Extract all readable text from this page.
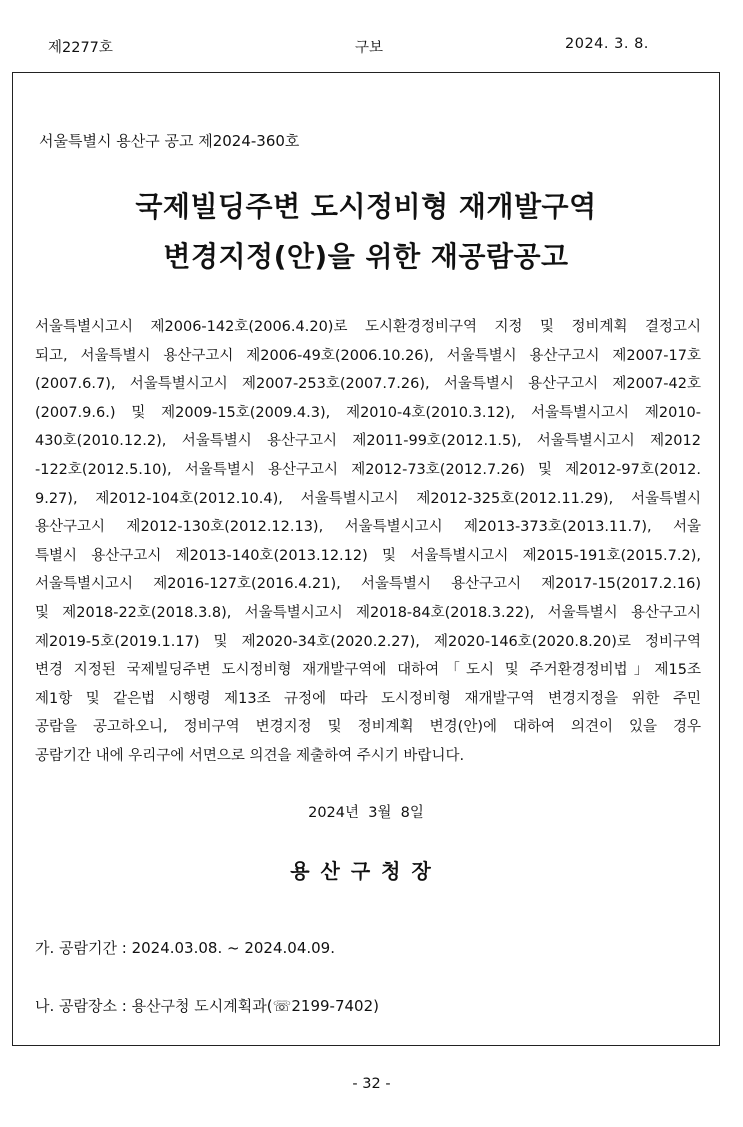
제2277호	구보	2024. 3. 8.
서울특별시 용산구 공고 제2024-360호
국제빌딩주변 도시정비형 재개발구역
변경지정(안)을 위한 재공람공고
서울특별시고시 제2006-142호(2006.4.20)로 도시환경정비구역 지정 및 정비계획 결정고시
되고, 서울특별시 용산구고시 제2006-49호(2006.10.26), 서울특별시 용산구고시 제2007-17호
(2007.6.7), 서울특별시고시 제2007-253호(2007.7.26), 서울특별시 용산구고시 제2007-42호
(2007.9.6.) 및 제2009-15호(2009.4.3), 제2010-4호(2010.3.12), 서울특별시고시 제2010-
430호(2010.12.2), 서울특별시 용산구고시 제2011-99호(2012.1.5), 서울특별시고시 제2012
-122호(2012.5.10), 서울특별시 용산구고시 제2012-73호(2012.7.26) 및 제2012-97호(2012.
9.27), 제2012-104호(2012.10.4), 서울특별시고시 제2012-325호(2012.11.29), 서울특별시
용산구고시 제2012-130호(2012.12.13), 서울특별시고시 제2013-373호(2013.11.7), 서울
특별시 용산구고시 제2013-140호(2013.12.12) 및 서울특별시고시 제2015-191호(2015.7.2),
서울특별시고시 제2016-127호(2016.4.21), 서울특별시 용산구고시 제2017-15(2017.2.16)
및 제2018-22호(2018.3.8), 서울특별시고시 제2018-84호(2018.3.22), 서울특별시 용산구고시
제2019-5호(2019.1.17) 및 제2020-34호(2020.2.27), 제2020-146호(2020.8.20)로 정비구역
변경 지정된 국제빌딩주변 도시정비형 재개발구역에 대하여「도시 및 주거환경정비법」제15조
제1항 및 같은법 시행령 제13조 규정에 따라 도시정비형 재개발구역 변경지정을 위한 주민
공람을 공고하오니, 정비구역 변경지정 및 정비계획 변경(안)에 대하여 의견이 있을 경우
공람기간 내에 우리구에 서면으로 의견을 제출하여 주시기 바랍니다.
2024년  3월  8일
용산구청장
가. 공람기간 : 2024.03.08. ~ 2024.04.09.
나. 공람장소 : 용산구청 도시계획과(☏2199-7402)
- 32 -
